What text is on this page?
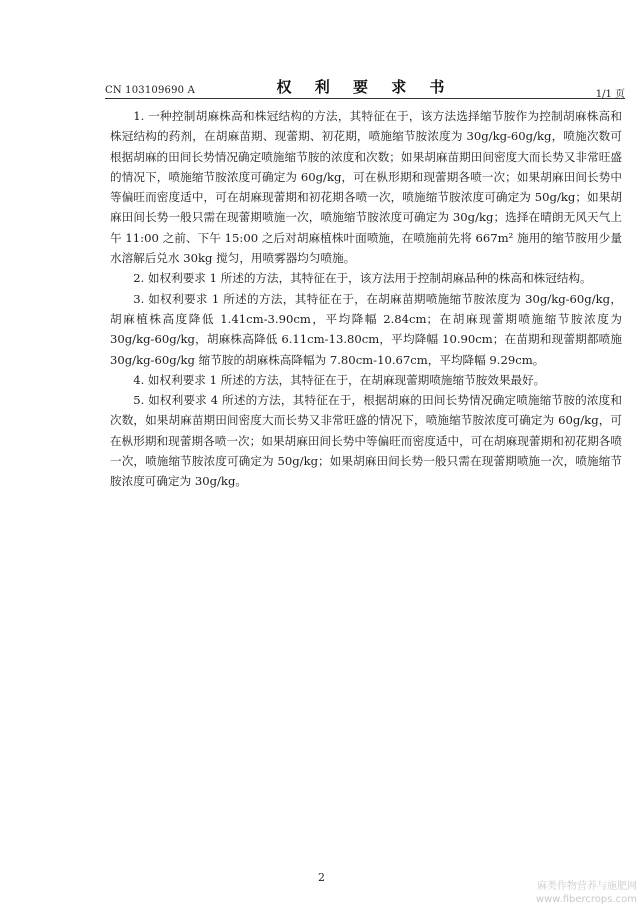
CN 103109690 A	权 利 要 求 书	1/1 页

1. 一种控制胡麻株高和株冠结构的方法，其特征在于，该方法选择缩节胺作为控制胡麻株高和株冠结构的药剂，在胡麻苗期、现蕾期、初花期，喷施缩节胺浓度为 30g/kg-60g/kg，喷施次数可根据胡麻的田间长势情况确定喷施缩节胺的浓度和次数；如果胡麻苗期田间密度大而长势又非常旺盛的情况下，喷施缩节胺浓度可确定为 60g/kg，可在枞形期和现蕾期各喷一次；如果胡麻田间长势中等偏旺而密度适中，可在胡麻现蕾期和初花期各喷一次，喷施缩节胺浓度可确定为 50g/kg；如果胡麻田间长势一般只需在现蕾期喷施一次，喷施缩节胺浓度可确定为 30g/kg；选择在晴朗无风天气上午 11:00 之前、下午 15:00 之后对胡麻植株叶面喷施，在喷施前先将 667m² 施用的缩节胺用少量水溶解后兑水 30kg 搅匀，用喷雾器均匀喷施。

2. 如权利要求 1 所述的方法，其特征在于，该方法用于控制胡麻品种的株高和株冠结构。

3. 如权利要求 1 所述的方法，其特征在于，在胡麻苗期喷施缩节胺浓度为 30g/kg-60g/kg，胡麻植株高度降低 1.41cm-3.90cm，平均降幅 2.84cm；在胡麻现蕾期喷施缩节胺浓度为 30g/kg-60g/kg，胡麻株高降低 6.11cm-13.80cm，平均降幅 10.90cm；在苗期和现蕾期都喷施 30g/kg-60g/kg 缩节胺的胡麻株高降幅为 7.80cm-10.67cm，平均降幅 9.29cm。

4. 如权利要求 1 所述的方法，其特征在于，在胡麻现蕾期喷施缩节胺效果最好。

5. 如权利要求 4 所述的方法，其特征在于，根据胡麻的田间长势情况确定喷施缩节胺的浓度和次数，如果胡麻苗期田间密度大而长势又非常旺盛的情况下，喷施缩节胺浓度可确定为 60g/kg，可在枞形期和现蕾期各喷一次；如果胡麻田间长势中等偏旺而密度适中，可在胡麻现蕾期和初花期各喷一次，喷施缩节胺浓度可确定为 50g/kg；如果胡麻田间长势一般只需在现蕾期喷施一次，喷施缩节胺浓度可确定为 30g/kg。

2
麻类作物营养与施肥网
www.fibercrops.com
